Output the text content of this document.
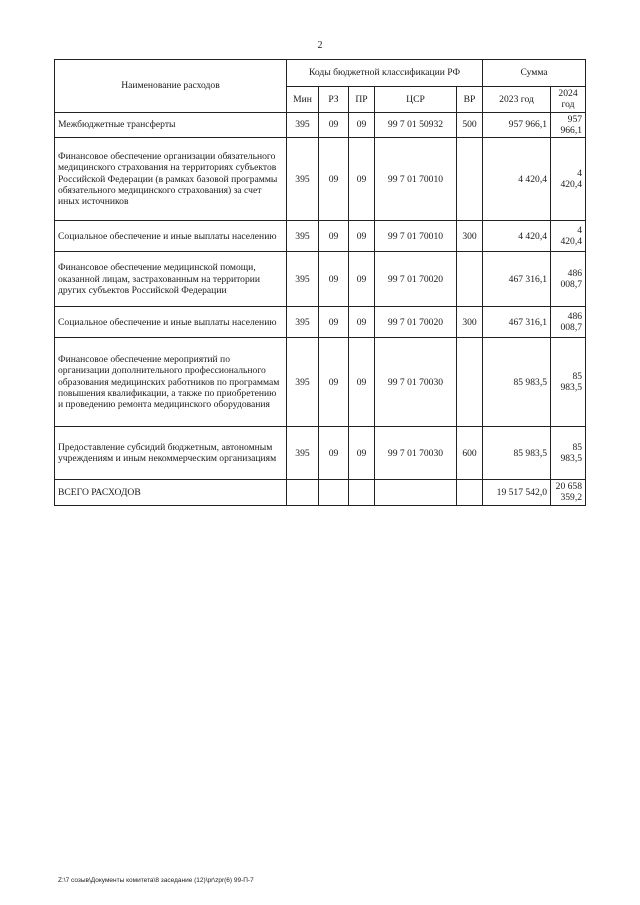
2
Наименование расходов	Коды бюджетной классификации РФ					Сумма	
	Мин	РЗ	ПР	ЦСР	ВР	2023 год	2024 год
Межбюджетные трансферты	395	09	09	99 7 01 50932	500	957 966,1	957 966,1
Финансовое обеспечение организации обязательного медицинского страхования на территориях субъектов Российской Федерации (в рамках базовой программы обязательного медицинского страхования) за счет иных источников	395	09	09	99 7 01 70010		4 420,4	4 420,4
Социальное обеспечение и иные выплаты населению	395	09	09	99 7 01 70010	300	4 420,4	4 420,4
Финансовое обеспечение медицинской помощи, оказанной лицам, застрахованным на территории других субъектов Российской Федерации	395	09	09	99 7 01 70020		467 316,1	486 008,7
Социальное обеспечение и иные выплаты населению	395	09	09	99 7 01 70020	300	467 316,1	486 008,7
Финансовое обеспечение мероприятий по организации дополнительного профессионального образования медицинских работников по программам повышения квалификации, а также по приобретению и проведению ремонта медицинского оборудования	395	09	09	99 7 01 70030		85 983,5	85 983,5
Предоставление субсидий бюджетным, автономным учреждениям и иным некоммерческим организациям	395	09	09	99 7 01 70030	600	85 983,5	85 983,5
ВСЕГО РАСХОДОВ						19 517 542,0	20 658 359,2
Z:\7 созыв\Документы комитета\8 заседание (12)\pr\zpr(6) 99-П-7
